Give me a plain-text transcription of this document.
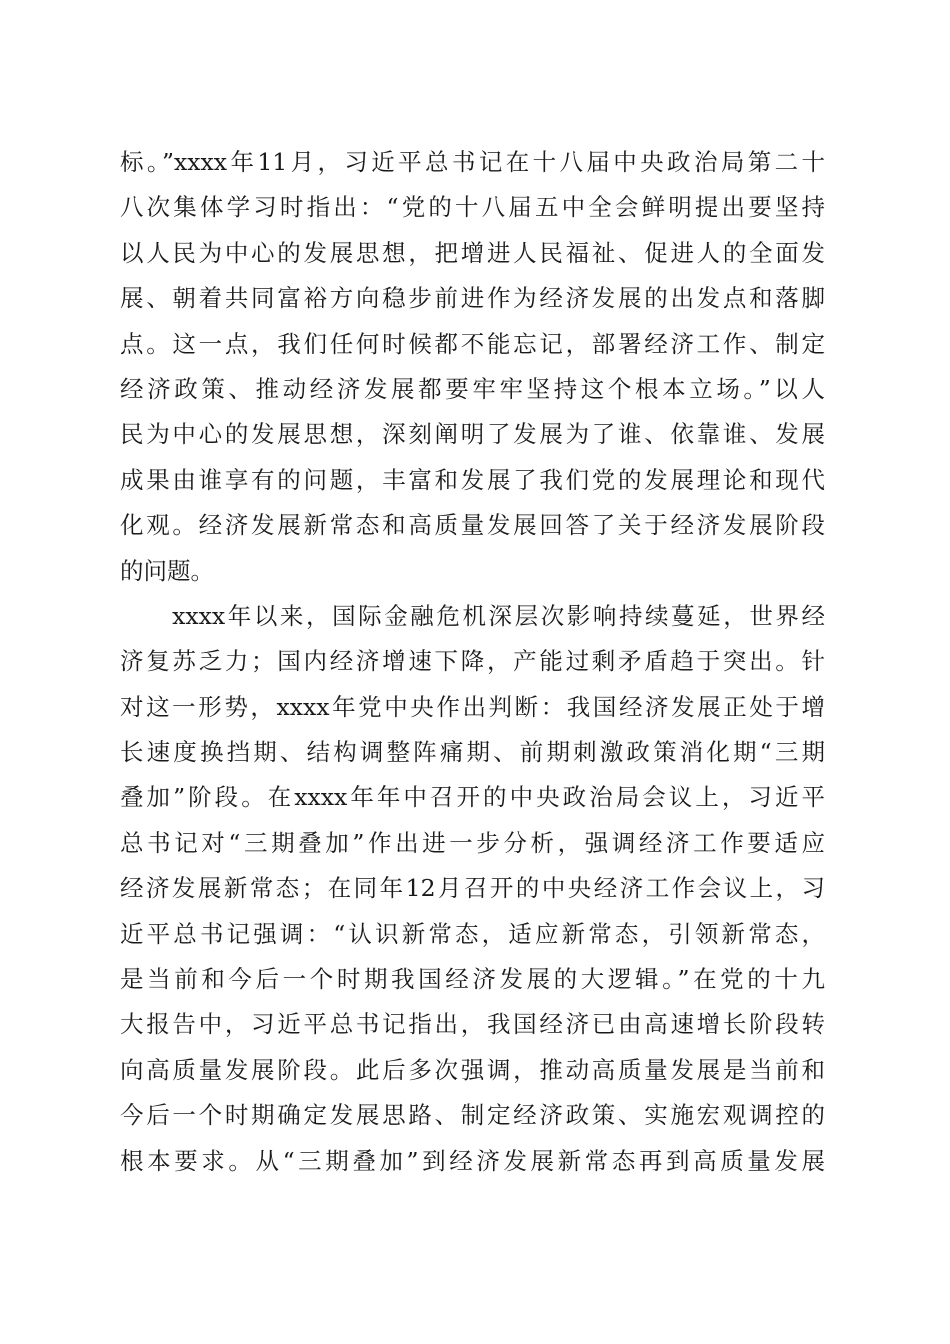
标。”xxxx年11月，习近平总书记在十八届中央政治局第二十
八次集体学习时指出：“党的十八届五中全会鲜明提出要坚持
以人民为中心的发展思想，把增进人民福祉、促进人的全面发
展、朝着共同富裕方向稳步前进作为经济发展的出发点和落脚
点。这一点，我们任何时候都不能忘记，部署经济工作、制定
经济政策、推动经济发展都要牢牢坚持这个根本立场。”以人
民为中心的发展思想，深刻阐明了发展为了谁、依靠谁、发展
成果由谁享有的问题，丰富和发展了我们党的发展理论和现代
化观。经济发展新常态和高质量发展回答了关于经济发展阶段
的问题。
　　xxxx年以来，国际金融危机深层次影响持续蔓延，世界经
济复苏乏力；国内经济增速下降，产能过剩矛盾趋于突出。针
对这一形势，xxxx年党中央作出判断：我国经济发展正处于增
长速度换挡期、结构调整阵痛期、前期刺激政策消化期“三期
叠加”阶段。在xxxx年年中召开的中央政治局会议上，习近平
总书记对“三期叠加”作出进一步分析，强调经济工作要适应
经济发展新常态；在同年12月召开的中央经济工作会议上，习
近平总书记强调：“认识新常态，适应新常态，引领新常态，
是当前和今后一个时期我国经济发展的大逻辑。”在党的十九
大报告中，习近平总书记指出，我国经济已由高速增长阶段转
向高质量发展阶段。此后多次强调，推动高质量发展是当前和
今后一个时期确定发展思路、制定经济政策、实施宏观调控的
根本要求。从“三期叠加”到经济发展新常态再到高质量发展
